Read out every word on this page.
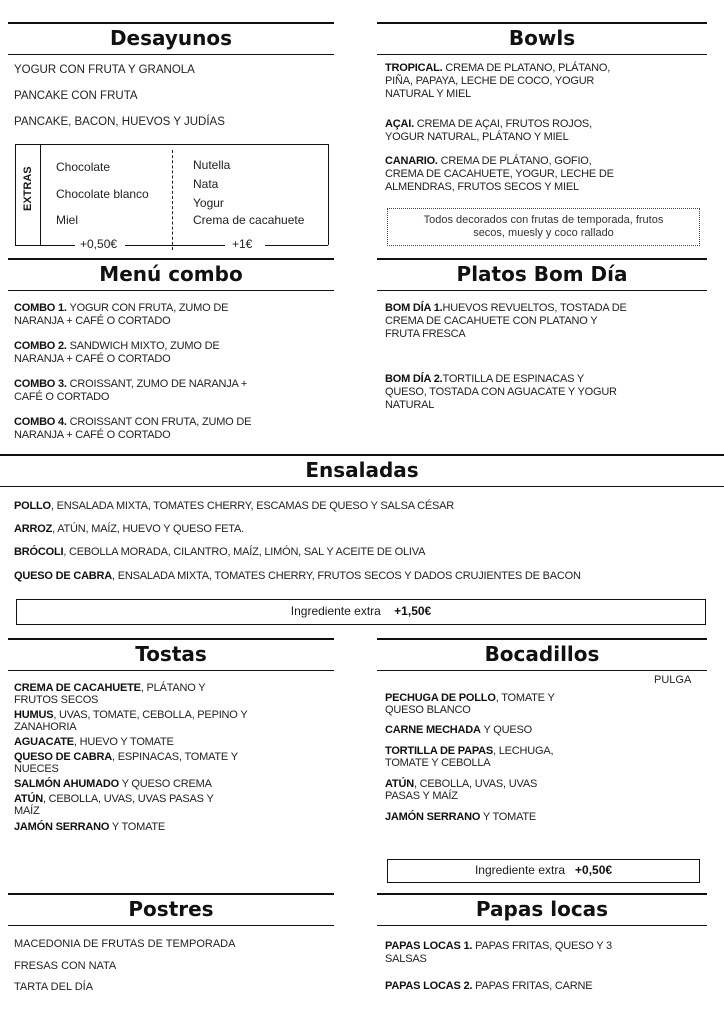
Desayunos
YOGUR CON FRUTA Y GRANOLA
PANCAKE CON FRUTA
PANCAKE, BACON, HUEVOS Y JUDÍAS
EXTRAS Chocolate
Chocolate blanco
Miel
Nutella
Nata
Yogur
Crema de cacahuete
+0,50€	+1€
Bowls
TROPICAL. CREMA DE PLATANO, PLÁTANO,
PIÑA, PAPAYA, LECHE DE COCO, YOGUR
NATURAL Y MIEL
AÇAI. CREMA DE AÇAI, FRUTOS ROJOS,
YOGUR NATURAL, PLÁTANO Y MIEL
CANARIO. CREMA DE PLÁTANO, GOFIO,
CREMA DE CACAHUETE, YOGUR, LECHE DE
ALMENDRAS, FRUTOS SECOS Y MIEL
Todos decorados con frutas de temporada, frutos
secos, muesly y coco rallado
Menú combo
COMBO 1. YOGUR CON FRUTA, ZUMO DE
NARANJA + CAFÉ O CORTADO
COMBO 2. SANDWICH MIXTO, ZUMO DE
NARANJA + CAFÉ O CORTADO
COMBO 3. CROISSANT, ZUMO DE NARANJA +
CAFÉ O CORTADO
COMBO 4. CROISSANT CON FRUTA, ZUMO DE
NARANJA + CAFÉ O CORTADO
Platos Bom Día
BOM DÍA 1.HUEVOS REVUELTOS, TOSTADA DE
CREMA DE CACAHUETE CON PLATANO Y
FRUTA FRESCA
BOM DÍA 2.TORTILLA DE ESPINACAS Y
QUESO, TOSTADA CON AGUACATE Y YOGUR
NATURAL
Ensaladas
POLLO, ENSALADA MIXTA, TOMATES CHERRY, ESCAMAS DE QUESO Y SALSA CÉSAR
ARROZ, ATÚN, MAÍZ, HUEVO Y QUESO FETA.
BRÓCOLI, CEBOLLA MORADA, CILANTRO, MAÍZ, LIMÓN, SAL Y ACEITE DE OLIVA
QUESO DE CABRA, ENSALADA MIXTA, TOMATES CHERRY, FRUTOS SECOS Y DADOS CRUJIENTES DE BACON
Ingrediente extra +1,50€
Tostas
CREMA DE CACAHUETE, PLÁTANO Y
FRUTOS SECOS
HUMUS, UVAS, TOMATE, CEBOLLA, PEPINO Y
ZANAHORIA
AGUACATE, HUEVO Y TOMATE
QUESO DE CABRA, ESPINACAS, TOMATE Y
NUECES
SALMÓN AHUMADO Y QUESO CREMA
ATÚN, CEBOLLA, UVAS, UVAS PASAS Y
MAÍZ
JAMÓN SERRANO Y TOMATE
Bocadillos
PULGA
PECHUGA DE POLLO, TOMATE Y
QUESO BLANCO
CARNE MECHADA Y QUESO
TORTILLA DE PAPAS, LECHUGA,
TOMATE Y CEBOLLA
ATÚN, CEBOLLA, UVAS, UVAS
PASAS Y MAÍZ
JAMÓN SERRANO Y TOMATE
Ingrediente extra +0,50€
Postres
MACEDONIA DE FRUTAS DE TEMPORADA
FRESAS CON NATA
TARTA DEL DÍA
Papas locas
PAPAS LOCAS 1. PAPAS FRITAS, QUESO Y 3
SALSAS
PAPAS LOCAS 2. PAPAS FRITAS, CARNE
